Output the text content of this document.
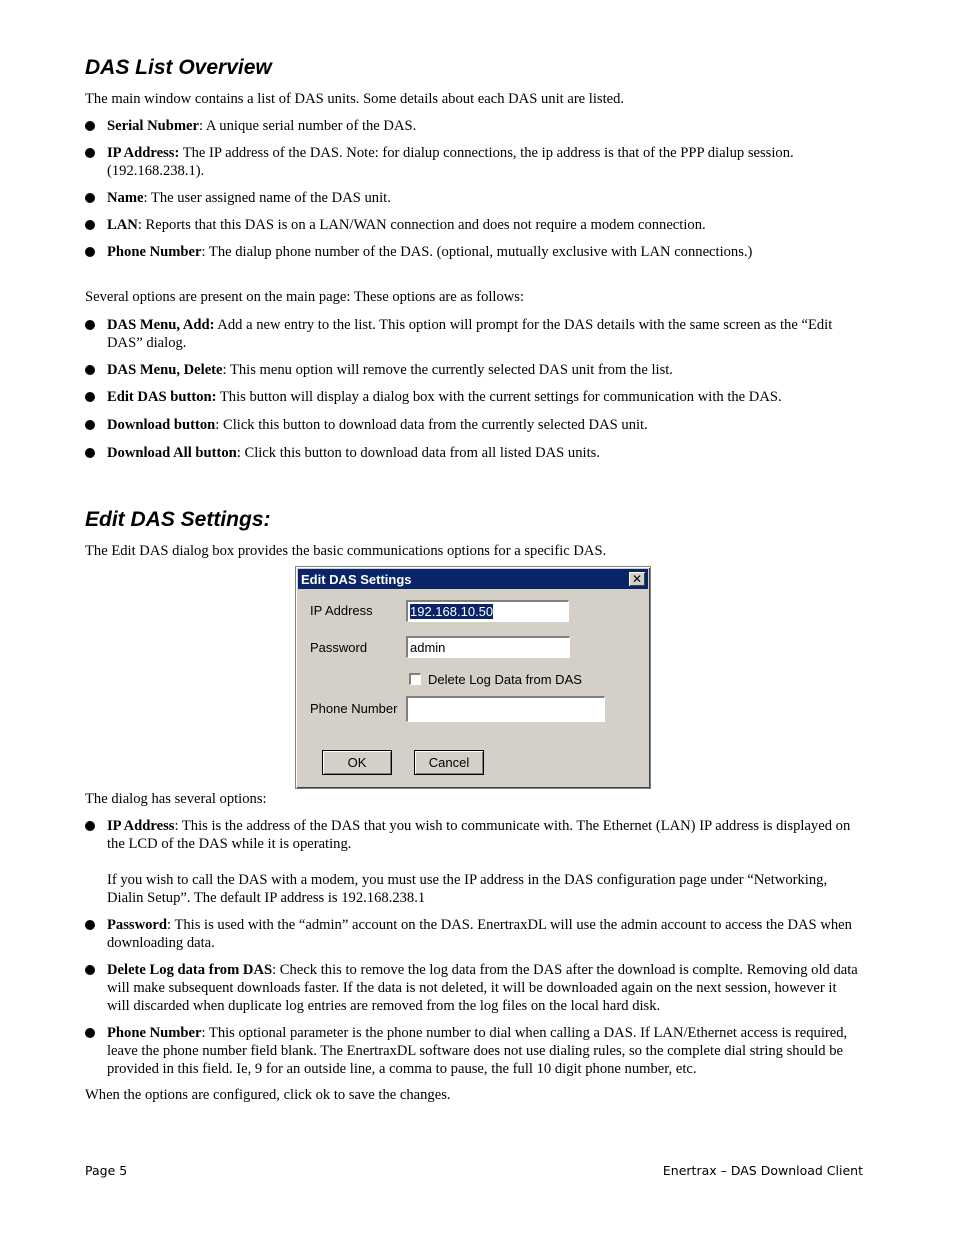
DAS List Overview

The main window contains a list of DAS units. Some details about each DAS unit are listed.

Serial Nubmer: A unique serial number of the DAS.
IP Address: The IP address of the DAS. Note: for dialup connections, the ip address is that of the PPP dialup session. (192.168.238.1).
Name: The user assigned name of the DAS unit.
LAN: Reports that this DAS is on a LAN/WAN connection and does not require a modem connection.
Phone Number: The dialup phone number of the DAS. (optional, mutually exclusive with LAN connections.)

Several options are present on the main page: These options are as follows:

DAS Menu, Add: Add a new entry to the list. This option will prompt for the DAS details with the same screen as the “Edit DAS” dialog.
DAS Menu, Delete: This menu option will remove the currently selected DAS unit from the list.
Edit DAS button: This button will display a dialog box with the current settings for communication with the DAS.
Download button: Click this button to download data from the currently selected DAS unit.
Download All button: Click this button to download data from all listed DAS units.
Edit DAS Settings:

The Edit DAS dialog box provides the basic communications options for a specific DAS.

Edit DAS Settings	✕
IP Address	192.168.10.50
Password	admin
Delete Log Data from DAS
Phone Number
OK	Cancel

The dialog has several options:

IP Address: This is the address of the DAS that you wish to communicate with. The Ethernet (LAN) IP address is displayed on the LCD of the DAS while it is operating.
If you wish to call the DAS with a modem, you must use the IP address in the DAS configuration page under “Networking, Dialin Setup”. The default IP address is 192.168.238.1
Password: This is used with the “admin” account on the DAS. EnertraxDL will use the admin account to access the DAS when downloading data.
Delete Log data from DAS: Check this to remove the log data from the DAS after the download is complte. Removing old data will make subsequent downloads faster. If the data is not deleted, it will be downloaded again on the next session, however it will discarded when duplicate log entries are removed from the log files on the local hard disk.
Phone Number: This optional parameter is the phone number to dial when calling a DAS. If LAN/Ethernet access is required, leave the phone number field blank. The EnertraxDL software does not use dialing rules, so the complete dial string should be provided in this field. Ie, 9 for an outside line, a comma to pause, the full 10 digit phone number, etc.

When the options are configured, click ok to save the changes.

Page 5	Enertrax – DAS Download Client
